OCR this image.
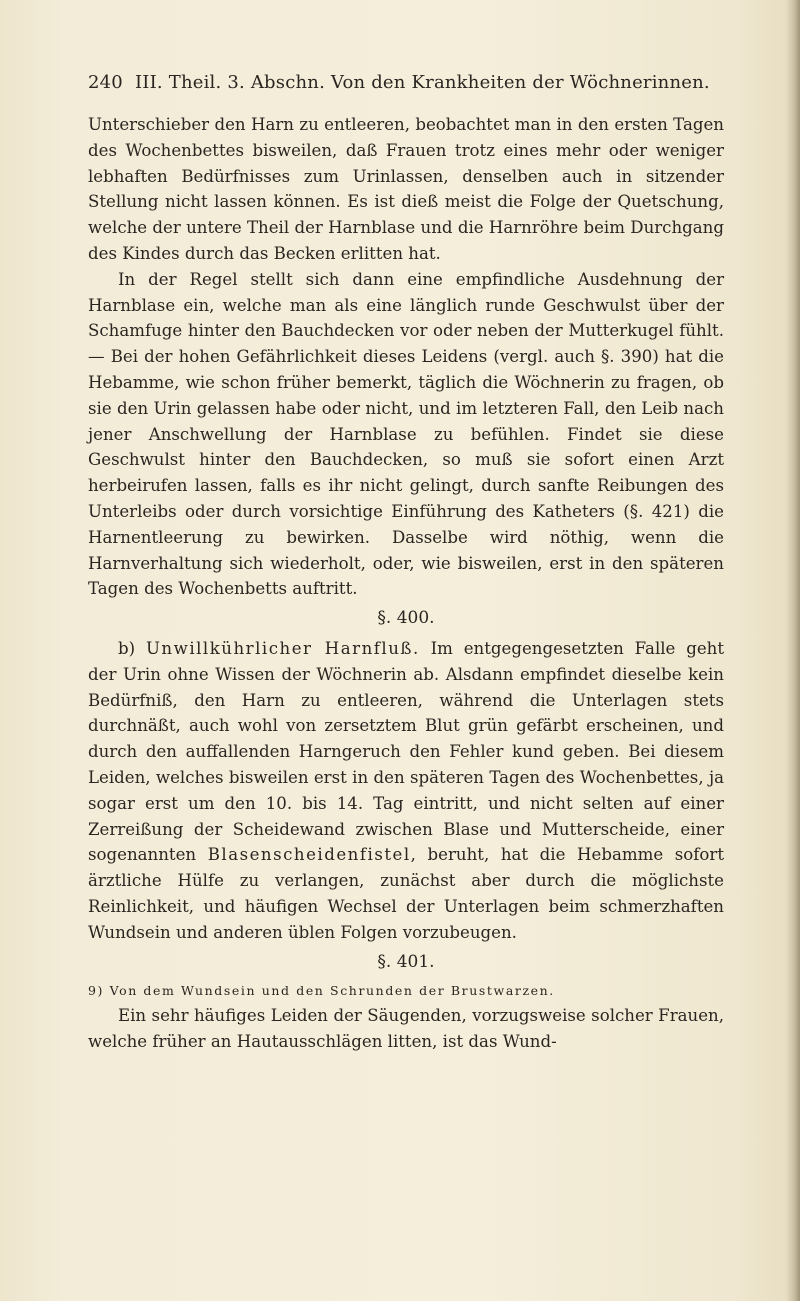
240 III. Theil. 3. Abschn. Von den Krankheiten der Wöchnerinnen.

Unterschieber den Harn zu entleeren, beobachtet man in den ersten Tagen des Wochenbettes bisweilen, daß Frauen trotz eines mehr oder weniger lebhaften Bedürfnisses zum Urinlassen, denselben auch in sitzender Stellung nicht lassen können. Es ist dieß meist die Folge der Quetschung, welche der untere Theil der Harnblase und die Harnröhre beim Durchgang des Kindes durch das Becken erlitten hat.

In der Regel stellt sich dann eine empfindliche Ausdehnung der Harnblase ein, welche man als eine länglich runde Geschwulst über der Schamfuge hinter den Bauchdecken vor oder neben der Mutterkugel fühlt. — Bei der hohen Gefährlichkeit dieses Leidens (vergl. auch §. 390) hat die Hebamme, wie schon früher bemerkt, täglich die Wöchnerin zu fragen, ob sie den Urin gelassen habe oder nicht, und im letzteren Fall, den Leib nach jener Anschwellung der Harnblase zu befühlen. Findet sie diese Geschwulst hinter den Bauchdecken, so muß sie sofort einen Arzt herbeirufen lassen, falls es ihr nicht gelingt, durch sanfte Reibungen des Unterleibs oder durch vorsichtige Einführung des Katheters (§. 421) die Harnentleerung zu bewirken. Dasselbe wird nöthig, wenn die Harnverhaltung sich wiederholt, oder, wie bisweilen, erst in den späteren Tagen des Wochenbetts auftritt.

§. 400.

b) Unwillkührlicher Harnfluß. Im entgegengesetzten Falle geht der Urin ohne Wissen der Wöchnerin ab. Alsdann empfindet dieselbe kein Bedürfniß, den Harn zu entleeren, während die Unterlagen stets durchnäßt, auch wohl von zersetztem Blut grün gefärbt erscheinen, und durch den auffallenden Harngeruch den Fehler kund geben. Bei diesem Leiden, welches bisweilen erst in den späteren Tagen des Wochenbettes, ja sogar erst um den 10. bis 14. Tag eintritt, und nicht selten auf einer Zerreißung der Scheidewand zwischen Blase und Mutterscheide, einer sogenannten Blasenscheidenfistel, beruht, hat die Hebamme sofort ärztliche Hülfe zu verlangen, zunächst aber durch die möglichste Reinlichkeit, und häufigen Wechsel der Unterlagen beim schmerzhaften Wundsein und anderen üblen Folgen vorzubeugen.

§. 401.

9) Von dem Wundsein und den Schrunden der Brustwarzen.

Ein sehr häufiges Leiden der Säugenden, vorzugsweise solcher Frauen, welche früher an Hautausschlägen litten, ist das Wund-
